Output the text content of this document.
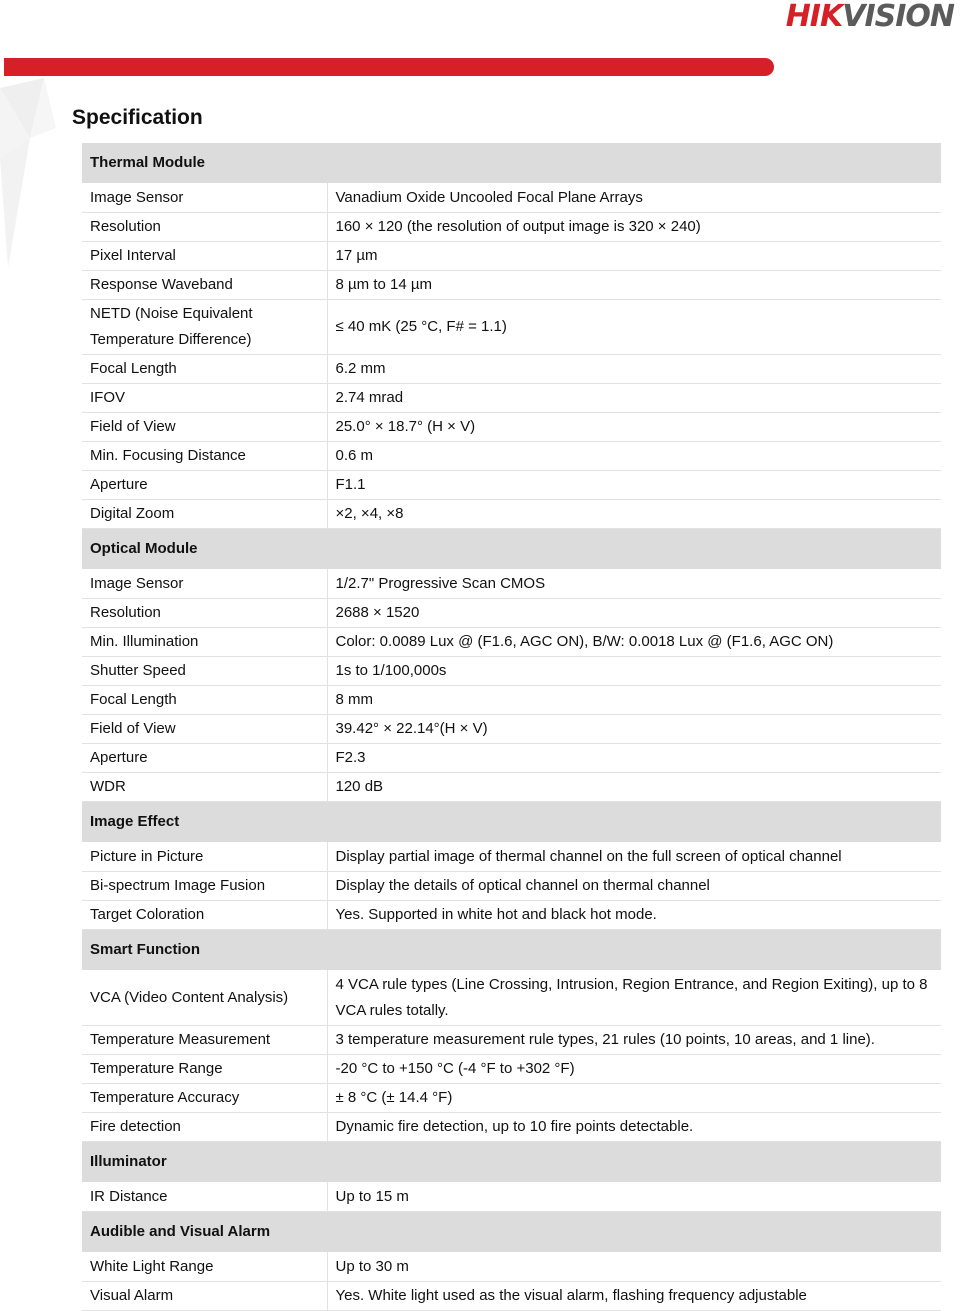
HIKVISION
Specification
Thermal Module	
Image Sensor	Vanadium Oxide Uncooled Focal Plane Arrays
Resolution	160 × 120 (the resolution of output image is 320 × 240)
Pixel Interval	17 µm
Response Waveband	8 µm to 14 µm
NETD (Noise Equivalent Temperature Difference)	≤ 40 mK (25 °C, F# = 1.1)
Focal Length	6.2 mm
IFOV	2.74 mrad
Field of View	25.0° × 18.7° (H × V)
Min. Focusing Distance	0.6 m
Aperture	F1.1
Digital Zoom	×2, ×4, ×8
Optical Module	
Image Sensor	1/2.7" Progressive Scan CMOS
Resolution	2688 × 1520
Min. Illumination	Color: 0.0089 Lux @ (F1.6, AGC ON), B/W: 0.0018 Lux @ (F1.6, AGC ON)
Shutter Speed	1s to 1/100,000s
Focal Length	8 mm
Field of View	39.42° × 22.14°(H × V)
Aperture	F2.3
WDR	120 dB
Image Effect	
Picture in Picture	Display partial image of thermal channel on the full screen of optical channel
Bi-spectrum Image Fusion	Display the details of optical channel on thermal channel
Target Coloration	Yes. Supported in white hot and black hot mode.
Smart Function	
VCA (Video Content Analysis)	4 VCA rule types (Line Crossing, Intrusion, Region Entrance, and Region Exiting), up to 8 VCA rules totally.
Temperature Measurement	3 temperature measurement rule types, 21 rules (10 points, 10 areas, and 1 line).
Temperature Range	-20 °C to +150 °C (-4 °F to +302 °F)
Temperature Accuracy	± 8 °C (± 14.4 °F)
Fire detection	Dynamic fire detection, up to 10 fire points detectable.
Illuminator	
IR Distance	Up to 15 m
Audible and Visual Alarm	
White Light Range	Up to 30 m
Visual Alarm	Yes. White light used as the visual alarm, flashing frequency adjustable
